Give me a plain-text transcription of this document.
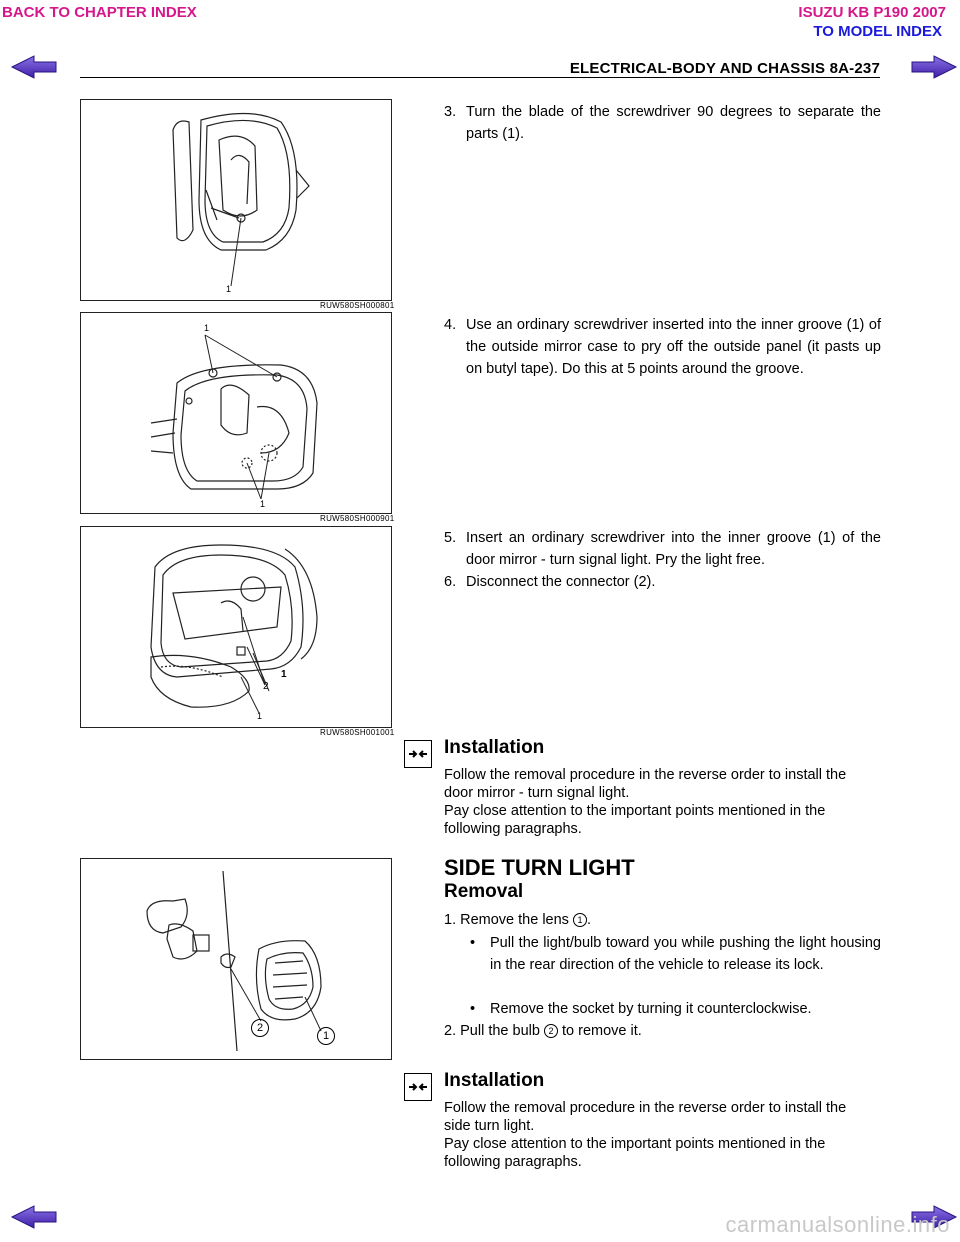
BACK TO CHAPTER INDEX	ISUZU KB P190 2007
TO MODEL INDEX
ELECTRICAL-BODY AND CHASSIS 8A-237
1
RUW580SH000801
1
1
RUW580SH000901
1
2
1
RUW580SH001001
3. Turn the blade of the screwdriver 90 degrees to separate the parts (1).
4. Use an ordinary screwdriver inserted into the inner groove (1) of the outside mirror case to pry off the outside panel (it pasts up on butyl tape). Do this at 5 points around the groove.
5. Insert an ordinary screwdriver into the inner groove (1) of the door mirror - turn signal light. Pry the light free.
6. Disconnect the connector (2).
Installation
Follow the removal procedure in the reverse order to install the
door mirror - turn signal light.
Pay close attention to the important points mentioned in the
following paragraphs.
2
1
SIDE TURN LIGHT
Removal
1. Remove the lens 1 .
•	Pull the light/bulb toward you while pushing the light housing in the rear direction of the vehicle to release its lock.
•	Remove the socket by turning it counterclockwise.
2. Pull the bulb 2 to remove it.
Installation
Follow the removal procedure in the reverse order to install the
side turn light.
Pay close attention to the important points mentioned in the
following paragraphs.
carmanualsonline.info
